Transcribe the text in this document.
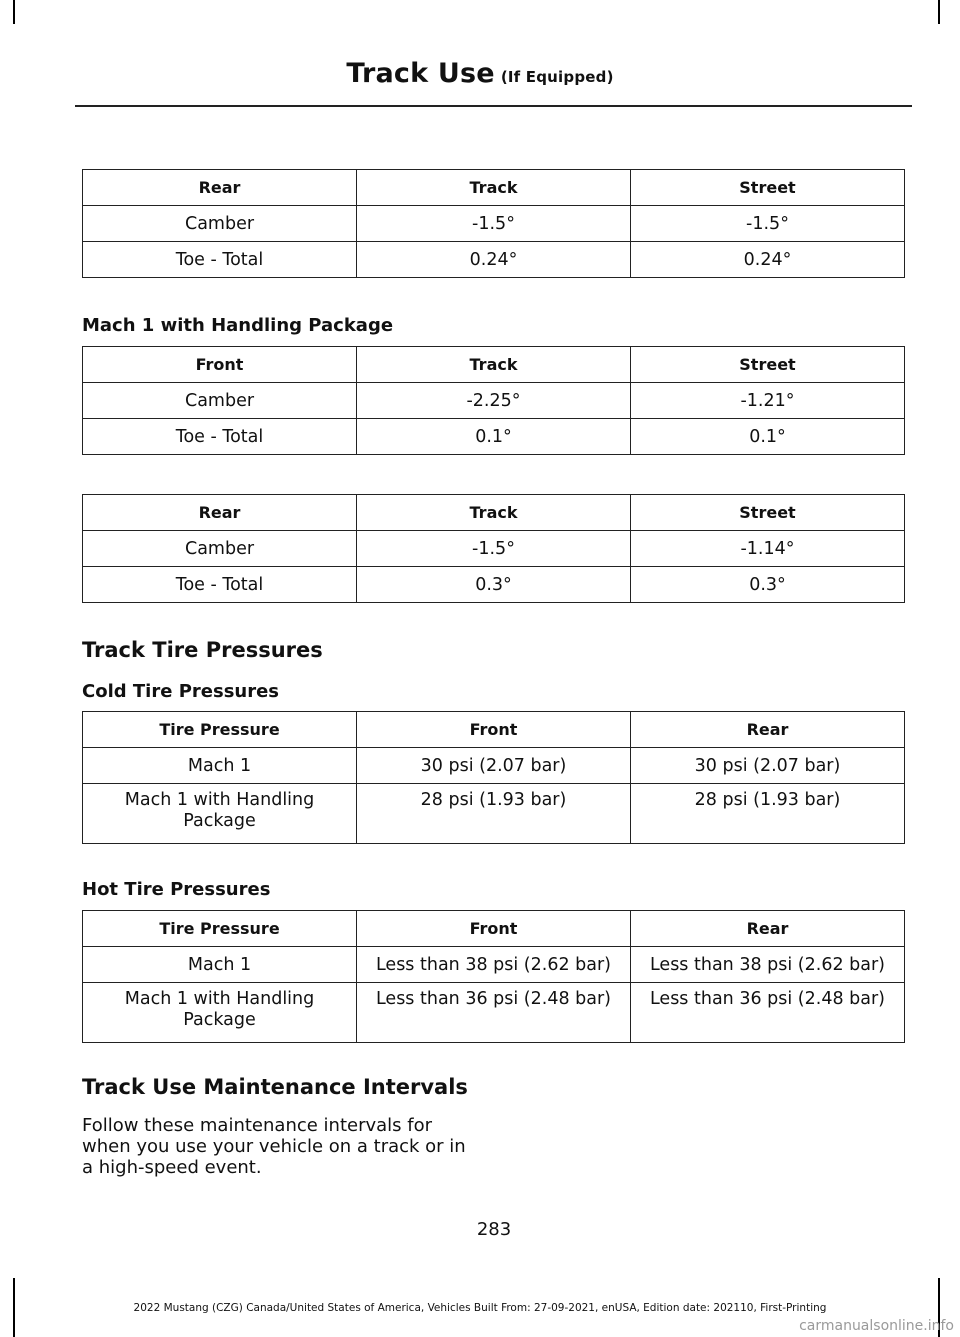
Track Use (If Equipped)
Rear	Track	Street
Camber	-1.5°	-1.5°
Toe - Total	0.24°	0.24°
Mach 1 with Handling Package
Front	Track	Street
Camber	-2.25°	-1.21°
Toe - Total	0.1°	0.1°
Rear	Track	Street
Camber	-1.5°	-1.14°
Toe - Total	0.3°	0.3°
Track Tire Pressures
Cold Tire Pressures
Tire Pressure	Front	Rear
Mach 1	30 psi (2.07 bar)	30 psi (2.07 bar)
Mach 1 with Handling Package	28 psi (1.93 bar)	28 psi (1.93 bar)
Hot Tire Pressures
Tire Pressure	Front	Rear
Mach 1	Less than 38 psi (2.62 bar)	Less than 38 psi (2.62 bar)
Mach 1 with Handling Package	Less than 36 psi (2.48 bar)	Less than 36 psi (2.48 bar)
Track Use Maintenance Intervals
Follow these maintenance intervals for when you use your vehicle on a track or in a high-speed event.
283
2022 Mustang (CZG) Canada/United States of America, Vehicles Built From: 27-09-2021, enUSA, Edition date: 202110, First-Printing
carmanualsonline.info
